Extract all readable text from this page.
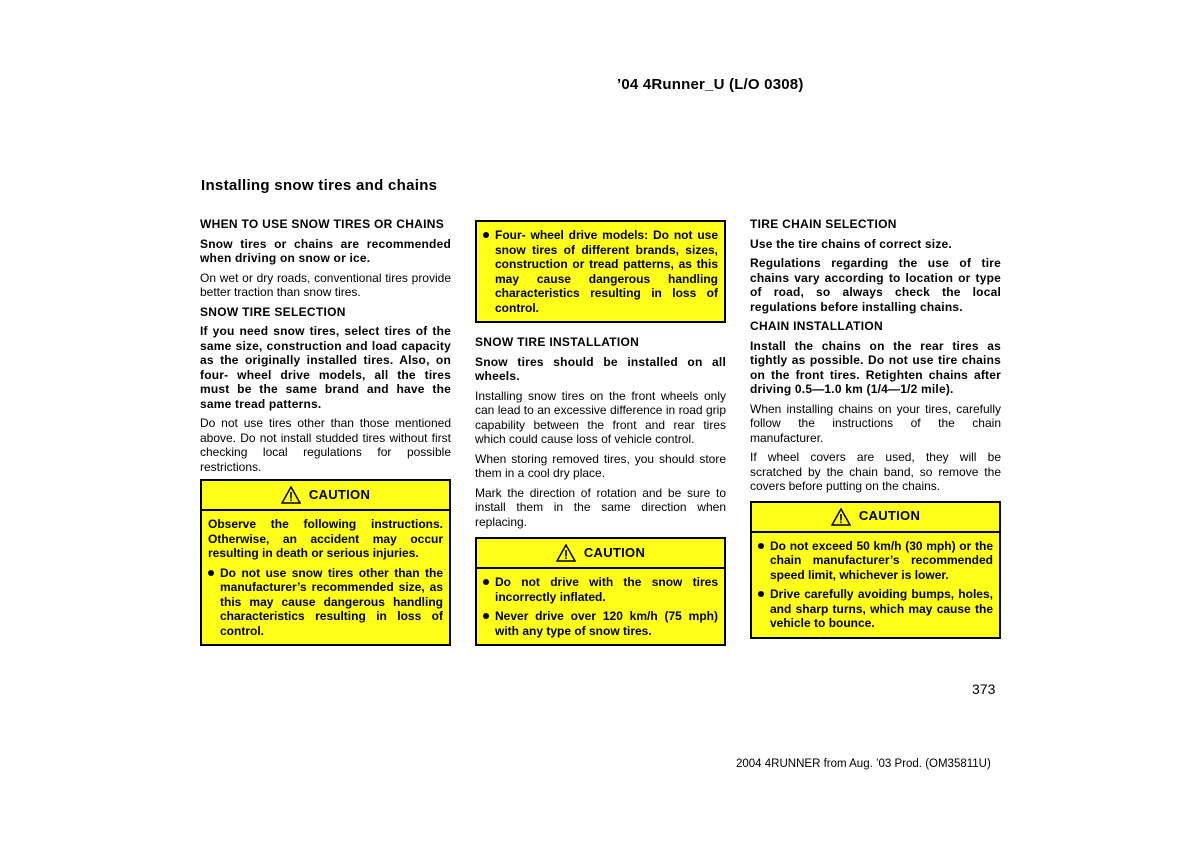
’04 4Runner_U (L/O 0308)
Installing snow tires and chains
WHEN TO USE SNOW TIRES OR CHAINS

Snow tires or chains are recommended when driving on snow or ice.

On wet or dry roads, conventional tires provide better traction than snow tires.

SNOW TIRE SELECTION

If you need snow tires, select tires of the same size, construction and load capacity as the originally installed tires. Also, on four- wheel drive models, all the tires must be the same brand and have the same tread patterns.

Do not use tires other than those mentioned above. Do not install studded tires without first checking local regulations for possible restrictions.

CAUTION

Observe the following instructions. Otherwise, an accident may occur resulting in death or serious injuries.

Do not use snow tires other than the manufacturer’s recommended size, as this may cause dangerous handling characteristics resulting in loss of control.
Four- wheel drive models: Do not use snow tires of different brands, sizes, construction or tread patterns, as this may cause dangerous handling characteristics resulting in loss of control.
SNOW TIRE INSTALLATION

Snow tires should be installed on all wheels.

Installing snow tires on the front wheels only can lead to an excessive difference in road grip capability between the front and rear tires which could cause loss of vehicle control.

When storing removed tires, you should store them in a cool dry place.

Mark the direction of rotation and be sure to install them in the same direction when replacing.

CAUTION
Do not drive with the snow tires incorrectly inflated.
Never drive over 120 km/h (75 mph) with any type of snow tires.
TIRE CHAIN SELECTION

Use the tire chains of correct size.

Regulations regarding the use of tire chains vary according to location or type of road, so always check the local regulations before installing chains.

CHAIN INSTALLATION

Install the chains on the rear tires as tightly as possible. Do not use tire chains on the front tires. Retighten chains after driving 0.5—1.0 km (1/4—1/2 mile).

When installing chains on your tires, carefully follow the instructions of the chain manufacturer.

If wheel covers are used, they will be scratched by the chain band, so remove the covers before putting on the chains.

CAUTION
Do not exceed 50 km/h (30 mph) or the chain manufacturer’s recommended speed limit, whichever is lower.
Drive carefully avoiding bumps, holes, and sharp turns, which may cause the vehicle to bounce.
373
2004 4RUNNER from Aug. ’03 Prod. (OM35811U)
